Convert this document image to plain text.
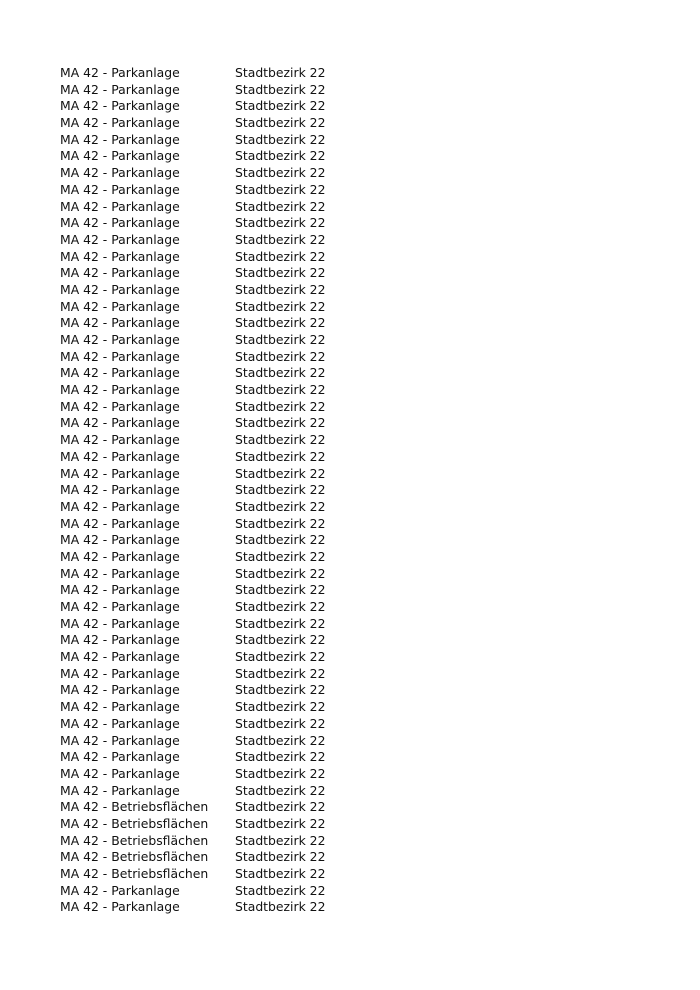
MA 42 - Parkanlage	Stadtbezirk 22
MA 42 - Parkanlage	Stadtbezirk 22
MA 42 - Parkanlage	Stadtbezirk 22
MA 42 - Parkanlage	Stadtbezirk 22
MA 42 - Parkanlage	Stadtbezirk 22
MA 42 - Parkanlage	Stadtbezirk 22
MA 42 - Parkanlage	Stadtbezirk 22
MA 42 - Parkanlage	Stadtbezirk 22
MA 42 - Parkanlage	Stadtbezirk 22
MA 42 - Parkanlage	Stadtbezirk 22
MA 42 - Parkanlage	Stadtbezirk 22
MA 42 - Parkanlage	Stadtbezirk 22
MA 42 - Parkanlage	Stadtbezirk 22
MA 42 - Parkanlage	Stadtbezirk 22
MA 42 - Parkanlage	Stadtbezirk 22
MA 42 - Parkanlage	Stadtbezirk 22
MA 42 - Parkanlage	Stadtbezirk 22
MA 42 - Parkanlage	Stadtbezirk 22
MA 42 - Parkanlage	Stadtbezirk 22
MA 42 - Parkanlage	Stadtbezirk 22
MA 42 - Parkanlage	Stadtbezirk 22
MA 42 - Parkanlage	Stadtbezirk 22
MA 42 - Parkanlage	Stadtbezirk 22
MA 42 - Parkanlage	Stadtbezirk 22
MA 42 - Parkanlage	Stadtbezirk 22
MA 42 - Parkanlage	Stadtbezirk 22
MA 42 - Parkanlage	Stadtbezirk 22
MA 42 - Parkanlage	Stadtbezirk 22
MA 42 - Parkanlage	Stadtbezirk 22
MA 42 - Parkanlage	Stadtbezirk 22
MA 42 - Parkanlage	Stadtbezirk 22
MA 42 - Parkanlage	Stadtbezirk 22
MA 42 - Parkanlage	Stadtbezirk 22
MA 42 - Parkanlage	Stadtbezirk 22
MA 42 - Parkanlage	Stadtbezirk 22
MA 42 - Parkanlage	Stadtbezirk 22
MA 42 - Parkanlage	Stadtbezirk 22
MA 42 - Parkanlage	Stadtbezirk 22
MA 42 - Parkanlage	Stadtbezirk 22
MA 42 - Parkanlage	Stadtbezirk 22
MA 42 - Parkanlage	Stadtbezirk 22
MA 42 - Parkanlage	Stadtbezirk 22
MA 42 - Parkanlage	Stadtbezirk 22
MA 42 - Parkanlage	Stadtbezirk 22
MA 42 - Betriebsflächen	Stadtbezirk 22
MA 42 - Betriebsflächen	Stadtbezirk 22
MA 42 - Betriebsflächen	Stadtbezirk 22
MA 42 - Betriebsflächen	Stadtbezirk 22
MA 42 - Betriebsflächen	Stadtbezirk 22
MA 42 - Parkanlage	Stadtbezirk 22
MA 42 - Parkanlage	Stadtbezirk 22
